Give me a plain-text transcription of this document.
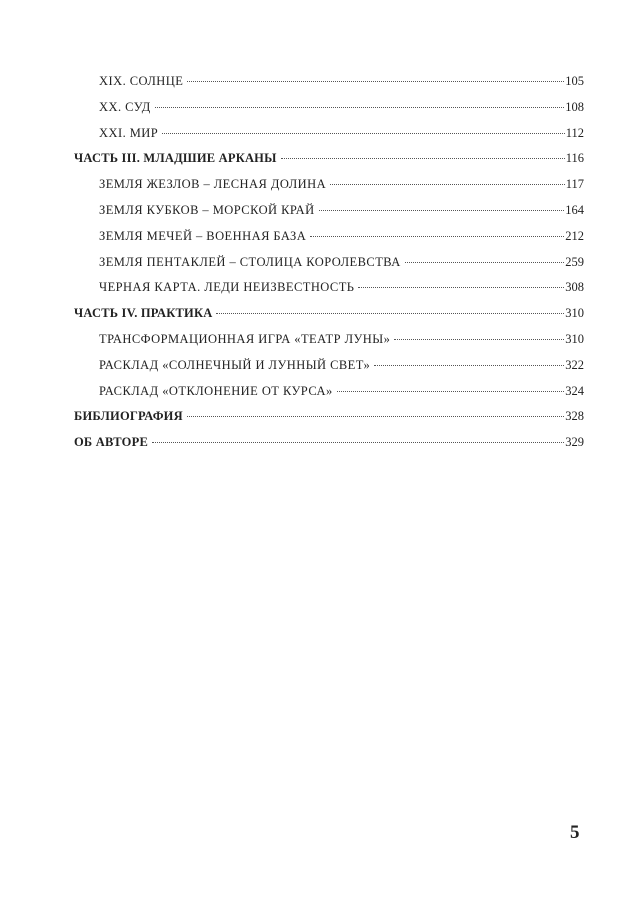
XIX. СОЛНЦЕ	105
XX. СУД	108
XXI. МИР	112
ЧАСТЬ III. МЛАДШИЕ АРКАНЫ	116
ЗЕМЛЯ ЖЕЗЛОВ – ЛЕСНАЯ ДОЛИНА	117
ЗЕМЛЯ КУБКОВ – МОРСКОЙ КРАЙ	164
ЗЕМЛЯ МЕЧЕЙ – ВОЕННАЯ БАЗА	212
ЗЕМЛЯ ПЕНТАКЛЕЙ – СТОЛИЦА КОРОЛЕВСТВА	259
ЧЕРНАЯ КАРТА. ЛЕДИ НЕИЗВЕСТНОСТЬ	308
ЧАСТЬ IV. ПРАКТИКА	310
ТРАНСФОРМАЦИОННАЯ ИГРА «ТЕАТР ЛУНЫ»	310
РАСКЛАД «СОЛНЕЧНЫЙ И ЛУННЫЙ СВЕТ»	322
РАСКЛАД «ОТКЛОНЕНИЕ ОТ КУРСА»	324
БИБЛИОГРАФИЯ	328
ОБ АВТОРЕ	329
5
